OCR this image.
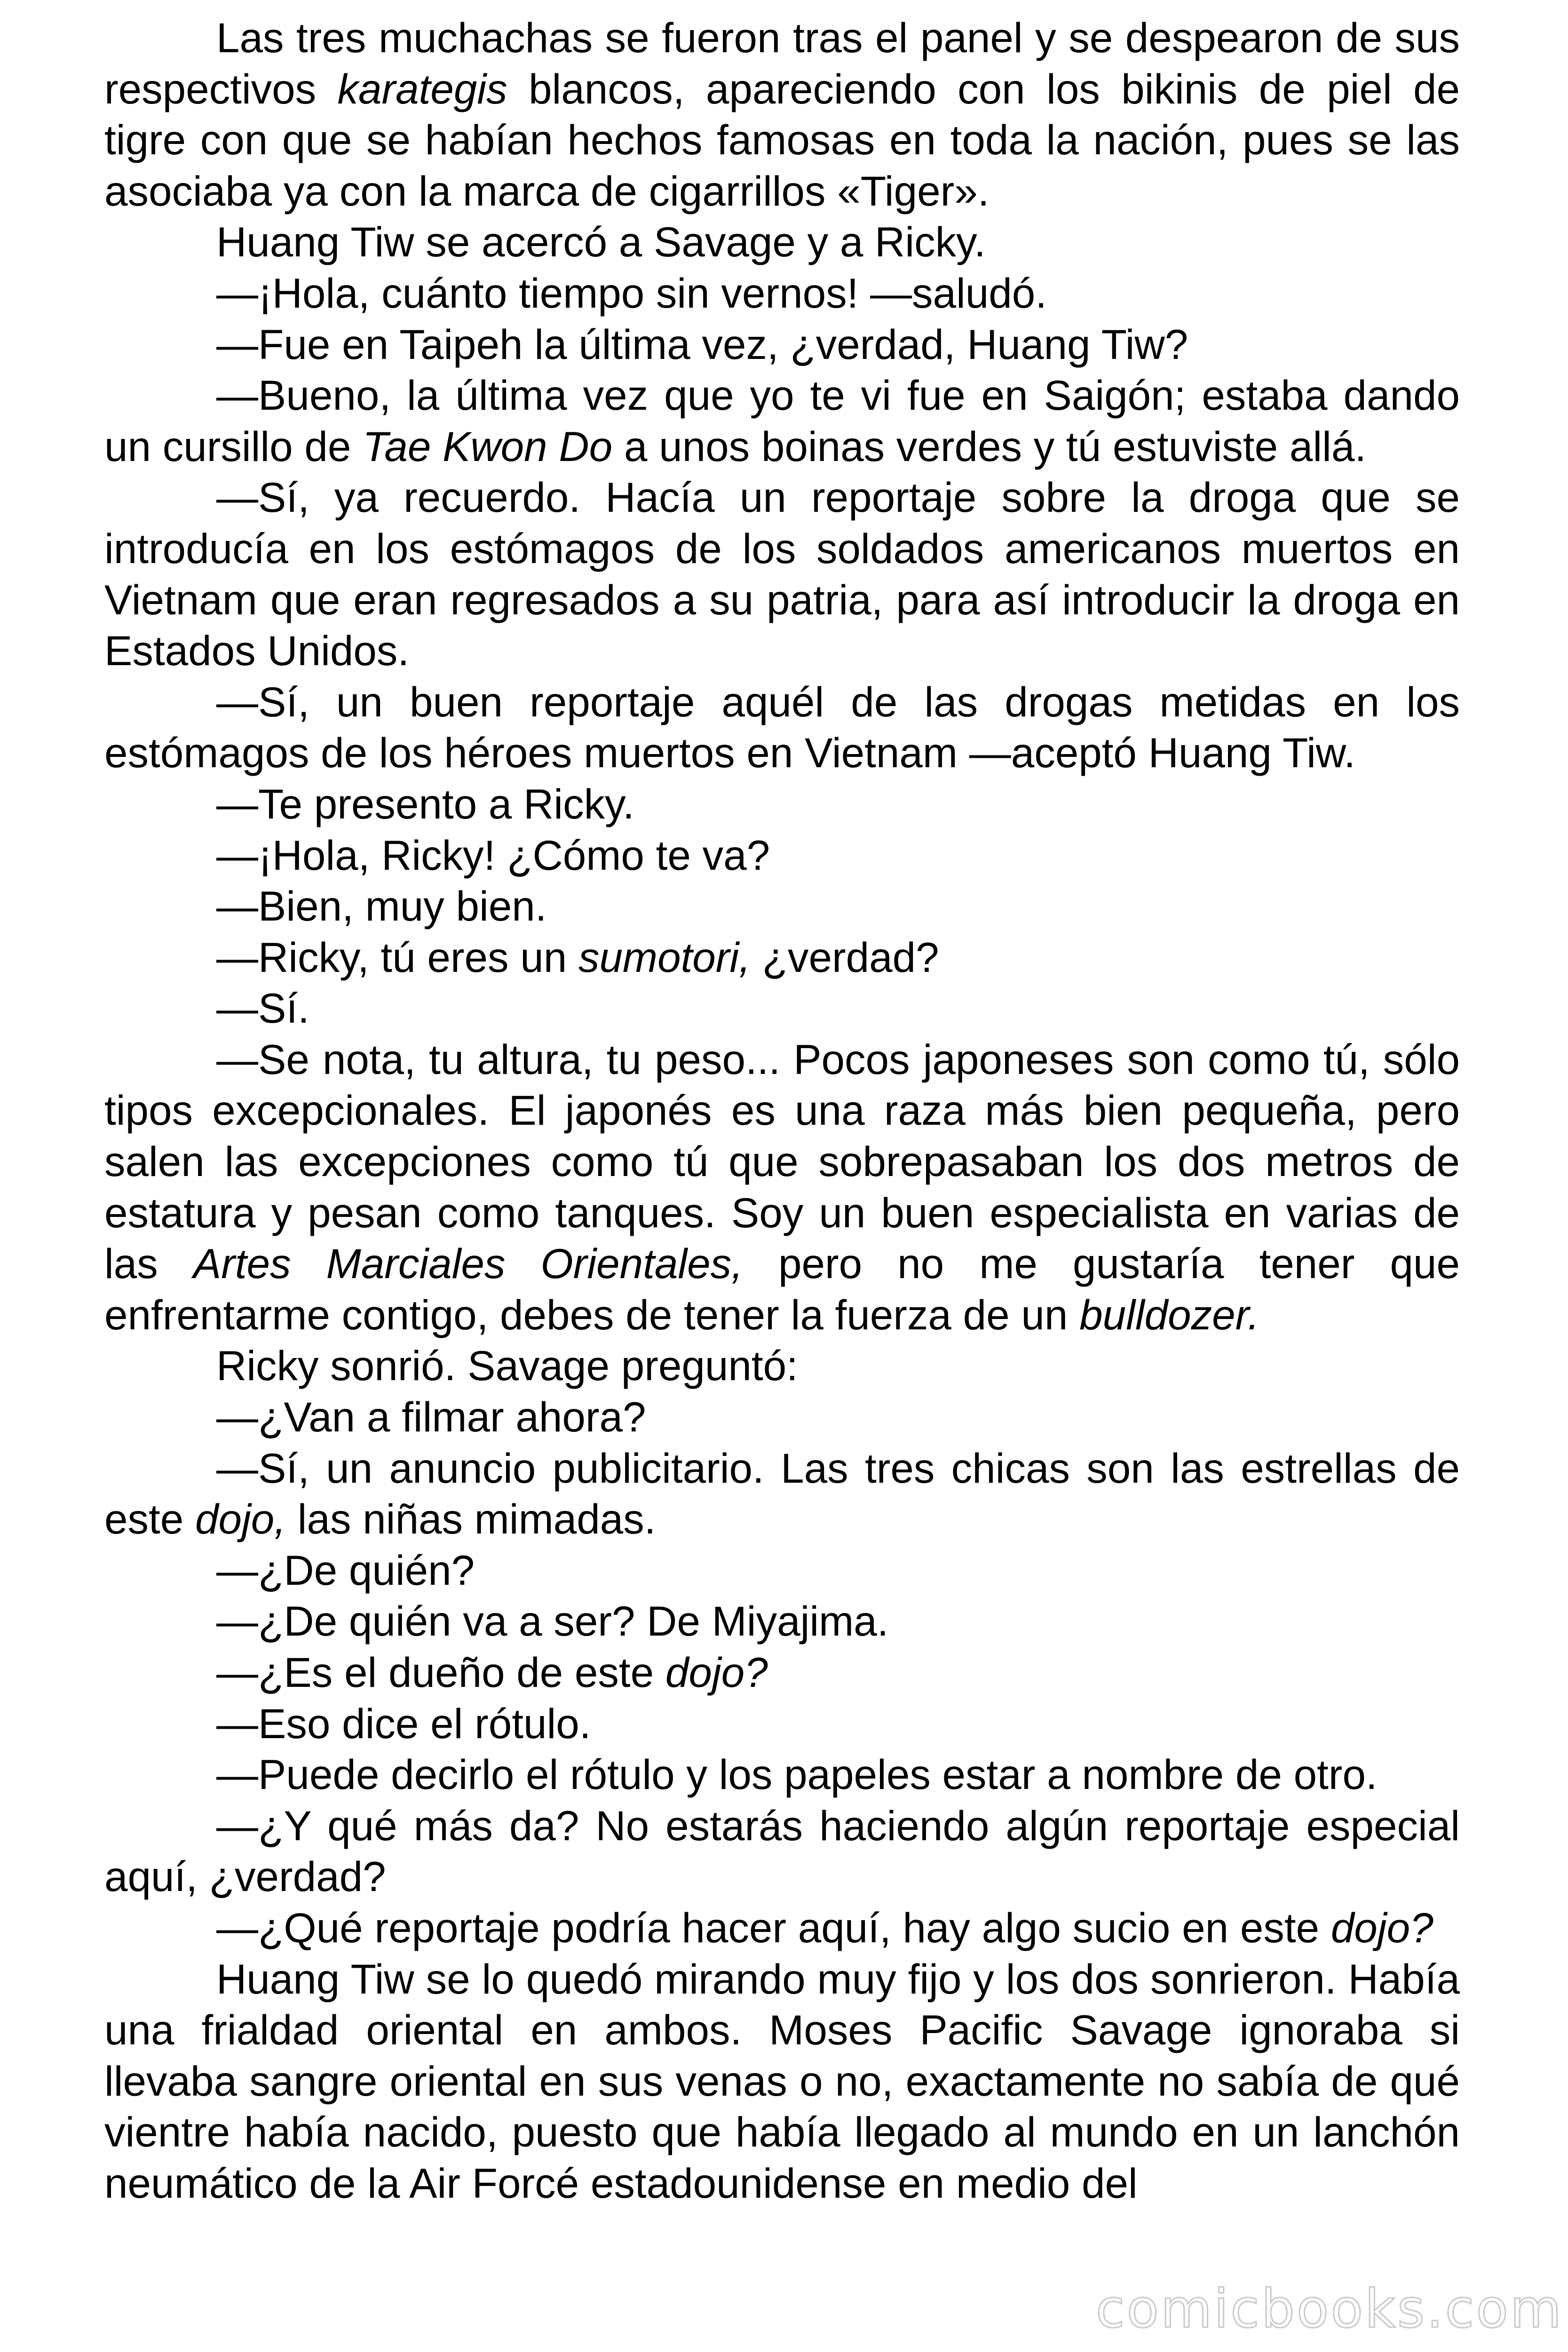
Las tres muchachas se fueron tras el panel y se despearon de sus respectivos karategis blancos, apareciendo con los bikinis de piel de tigre con que se habían hechos famosas en toda la nación, pues se las asociaba ya con la marca de cigarrillos «Tiger».

Huang Tiw se acercó a Savage y a Ricky.

—¡Hola, cuánto tiempo sin vernos! —saludó.

—Fue en Taipeh la última vez, ¿verdad, Huang Tiw?

—Bueno, la última vez que yo te vi fue en Saigón; estaba dando un cursillo de Tae Kwon Do a unos boinas verdes y tú estuviste allá.

—Sí, ya recuerdo. Hacía un reportaje sobre la droga que se introducía en los estómagos de los soldados americanos muertos en Vietnam que eran regresados a su patria, para así introducir la droga en Estados Unidos.

—Sí, un buen reportaje aquél de las drogas metidas en los estómagos de los héroes muertos en Vietnam —aceptó Huang Tiw.

—Te presento a Ricky.

—¡Hola, Ricky! ¿Cómo te va?

—Bien, muy bien.

—Ricky, tú eres un sumotori, ¿verdad?

—Sí.

—Se nota, tu altura, tu peso... Pocos japoneses son como tú, sólo tipos excepcionales. El japonés es una raza más bien pequeña, pero salen las excepciones como tú que sobrepasaban los dos metros de estatura y pesan como tanques. Soy un buen especialista en varias de las Artes Marciales Orientales, pero no me gustaría tener que enfrentarme contigo, debes de tener la fuerza de un bulldozer.

Ricky sonrió. Savage preguntó:

—¿Van a filmar ahora?

—Sí, un anuncio publicitario. Las tres chicas son las estrellas de este dojo, las niñas mimadas.

—¿De quién?

—¿De quién va a ser? De Miyajima.

—¿Es el dueño de este dojo?

—Eso dice el rótulo.

—Puede decirlo el rótulo y los papeles estar a nombre de otro.

—¿Y qué más da? No estarás haciendo algún reportaje especial aquí, ¿verdad?

—¿Qué reportaje podría hacer aquí, hay algo sucio en este dojo?

Huang Tiw se lo quedó mirando muy fijo y los dos sonrieron. Había una frialdad oriental en ambos. Moses Pacific Savage ignoraba si llevaba sangre oriental en sus venas o no, exactamente no sabía de qué vientre había nacido, puesto que había llegado al mundo en un lanchón neumático de la Air Forcé estadounidense en medio del

comicbooks.com
